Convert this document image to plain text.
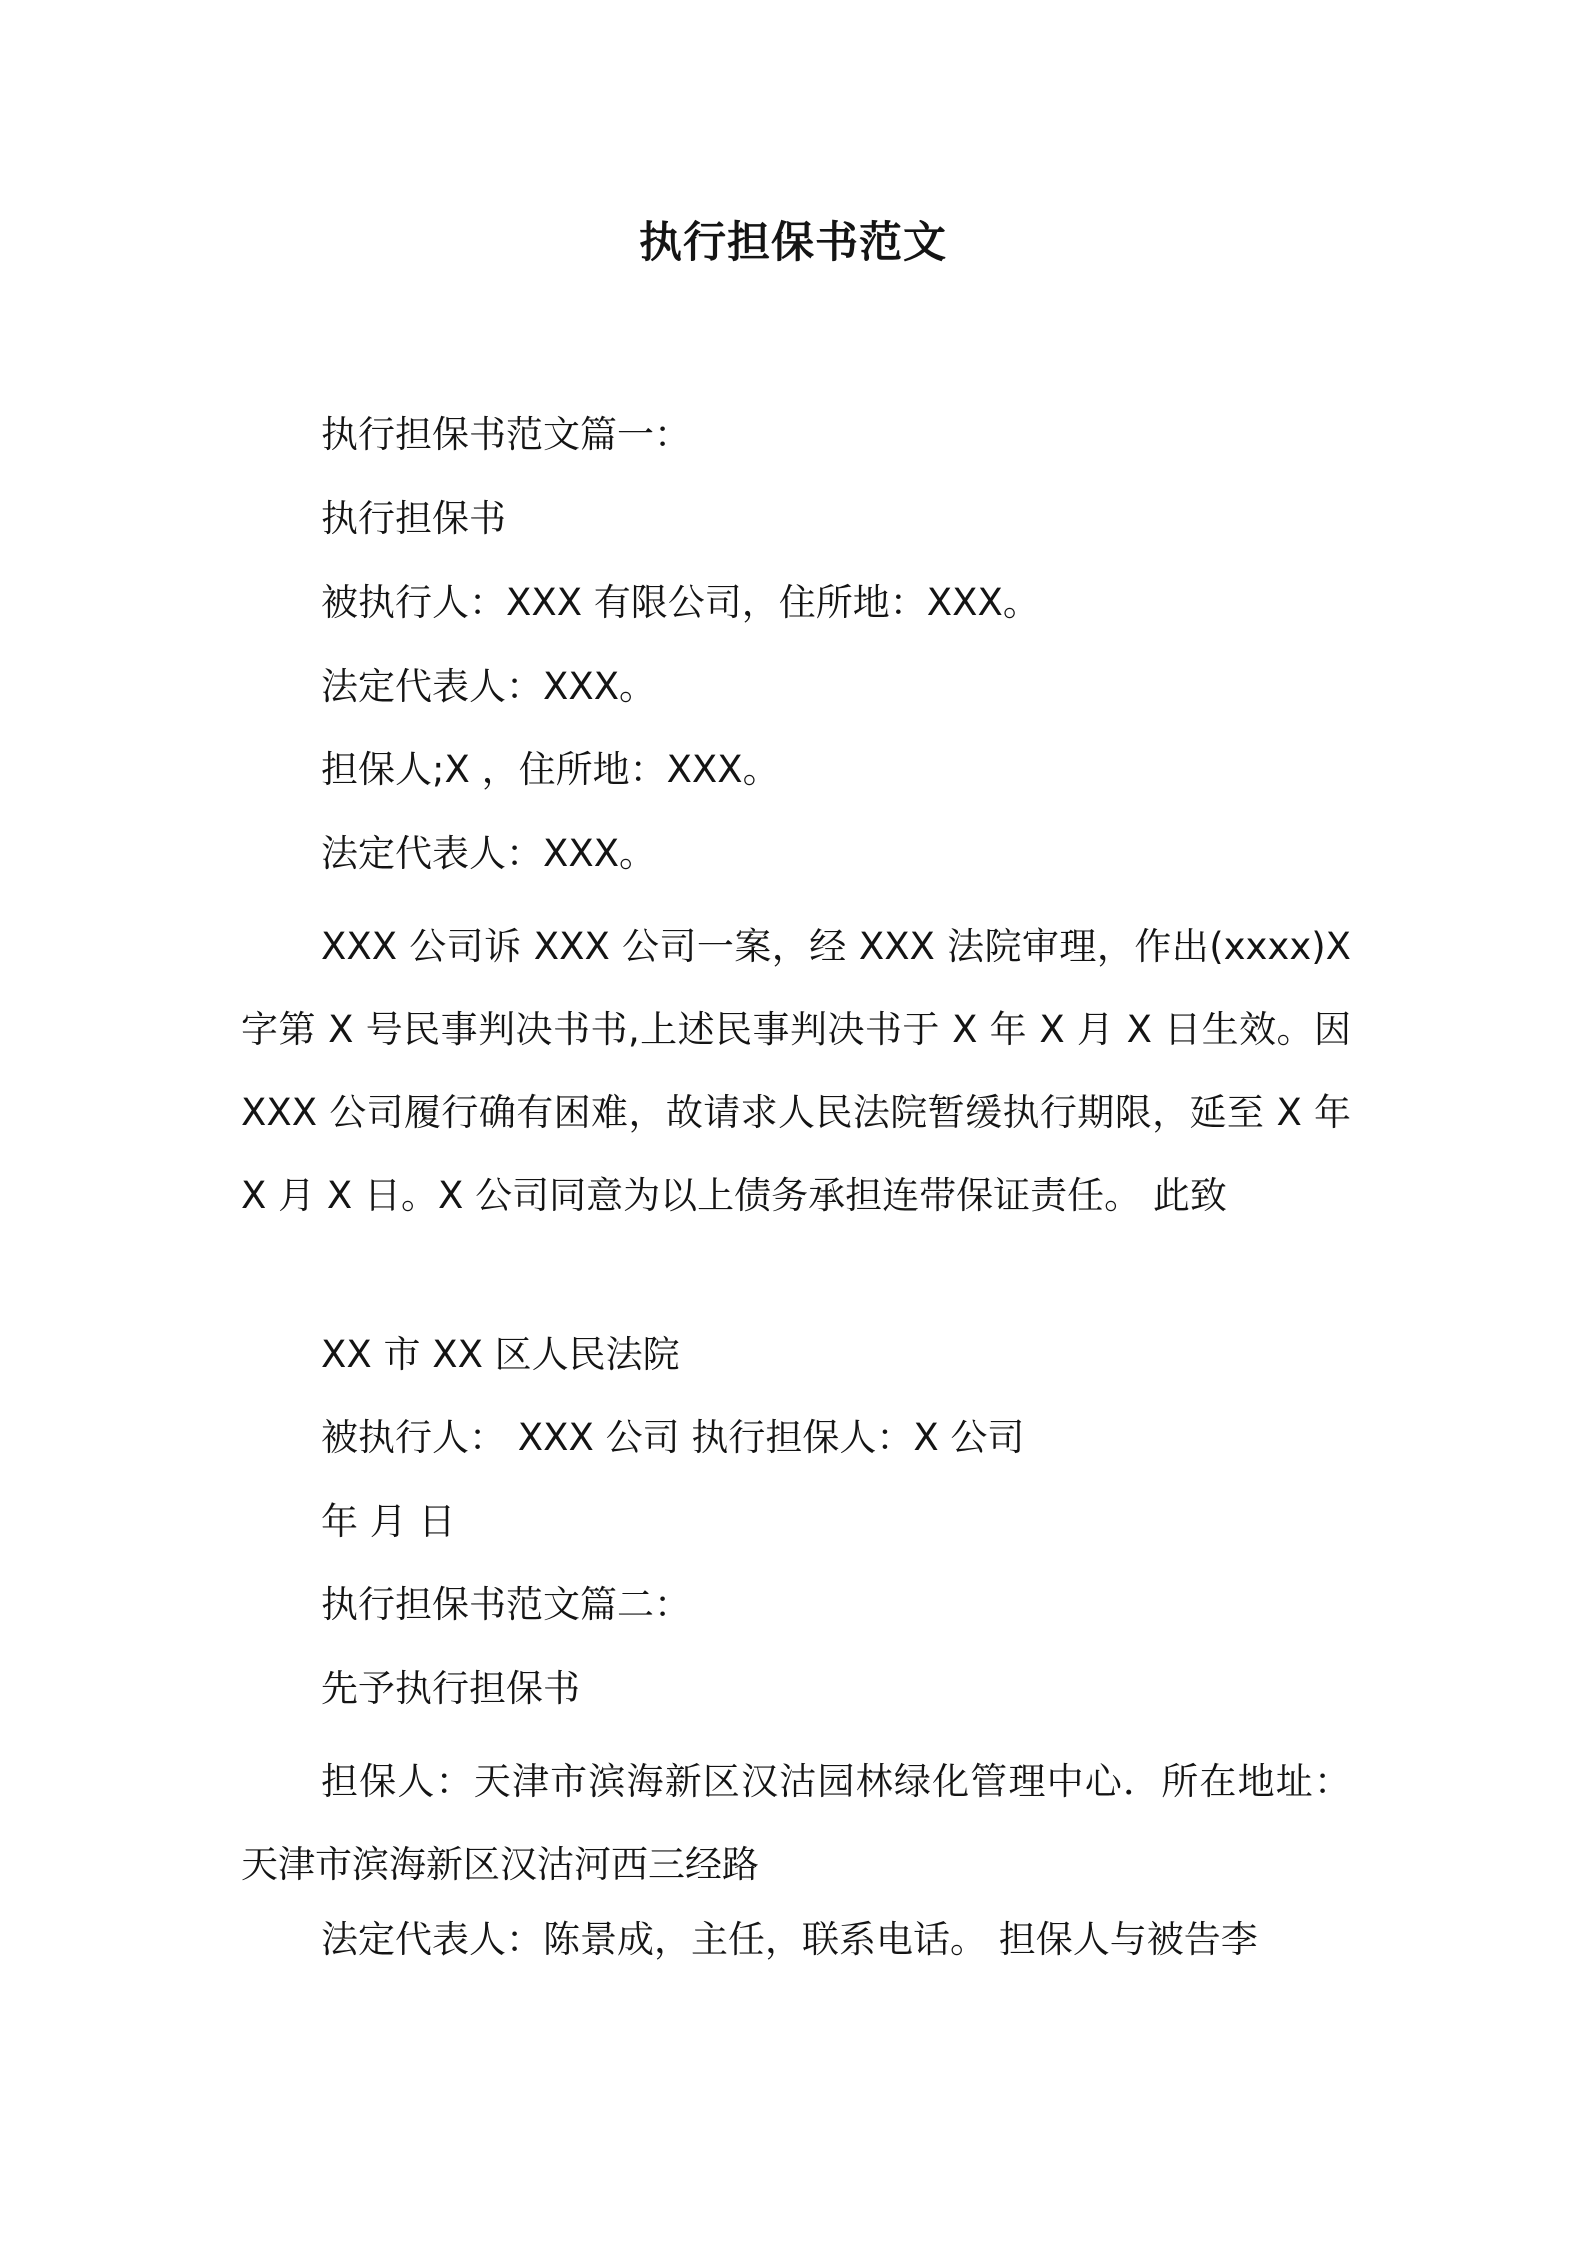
执行担保书范文

执行担保书范文篇一：

执行担保书

被执行人：XXX 有限公司，住所地：XXX。

法定代表人：XXX。

担保人;X ，住所地：XXX。

法定代表人：XXX。

XXX 公司诉 XXX 公司一案，经 XXX 法院审理，作出(xxxx)X 字第 X 号民事判决书书,上述民事判决书于 X 年 X 月 X 日生效。因 XXX 公司履行确有困难，故请求人民法院暂缓执行期限，延至 X 年 X 月 X 日。X 公司同意为以上债务承担连带保证责任。 此致

XX 市 XX 区人民法院

被执行人： XXX 公司 执行担保人：X 公司

年 月 日

执行担保书范文篇二：

先予执行担保书

担保人：天津市滨海新区汉沽园林绿化管理中心．所在地址：天津市滨海新区汉沽河西三经路

法定代表人：陈景成，主任，联系电话。 担保人与被告李
